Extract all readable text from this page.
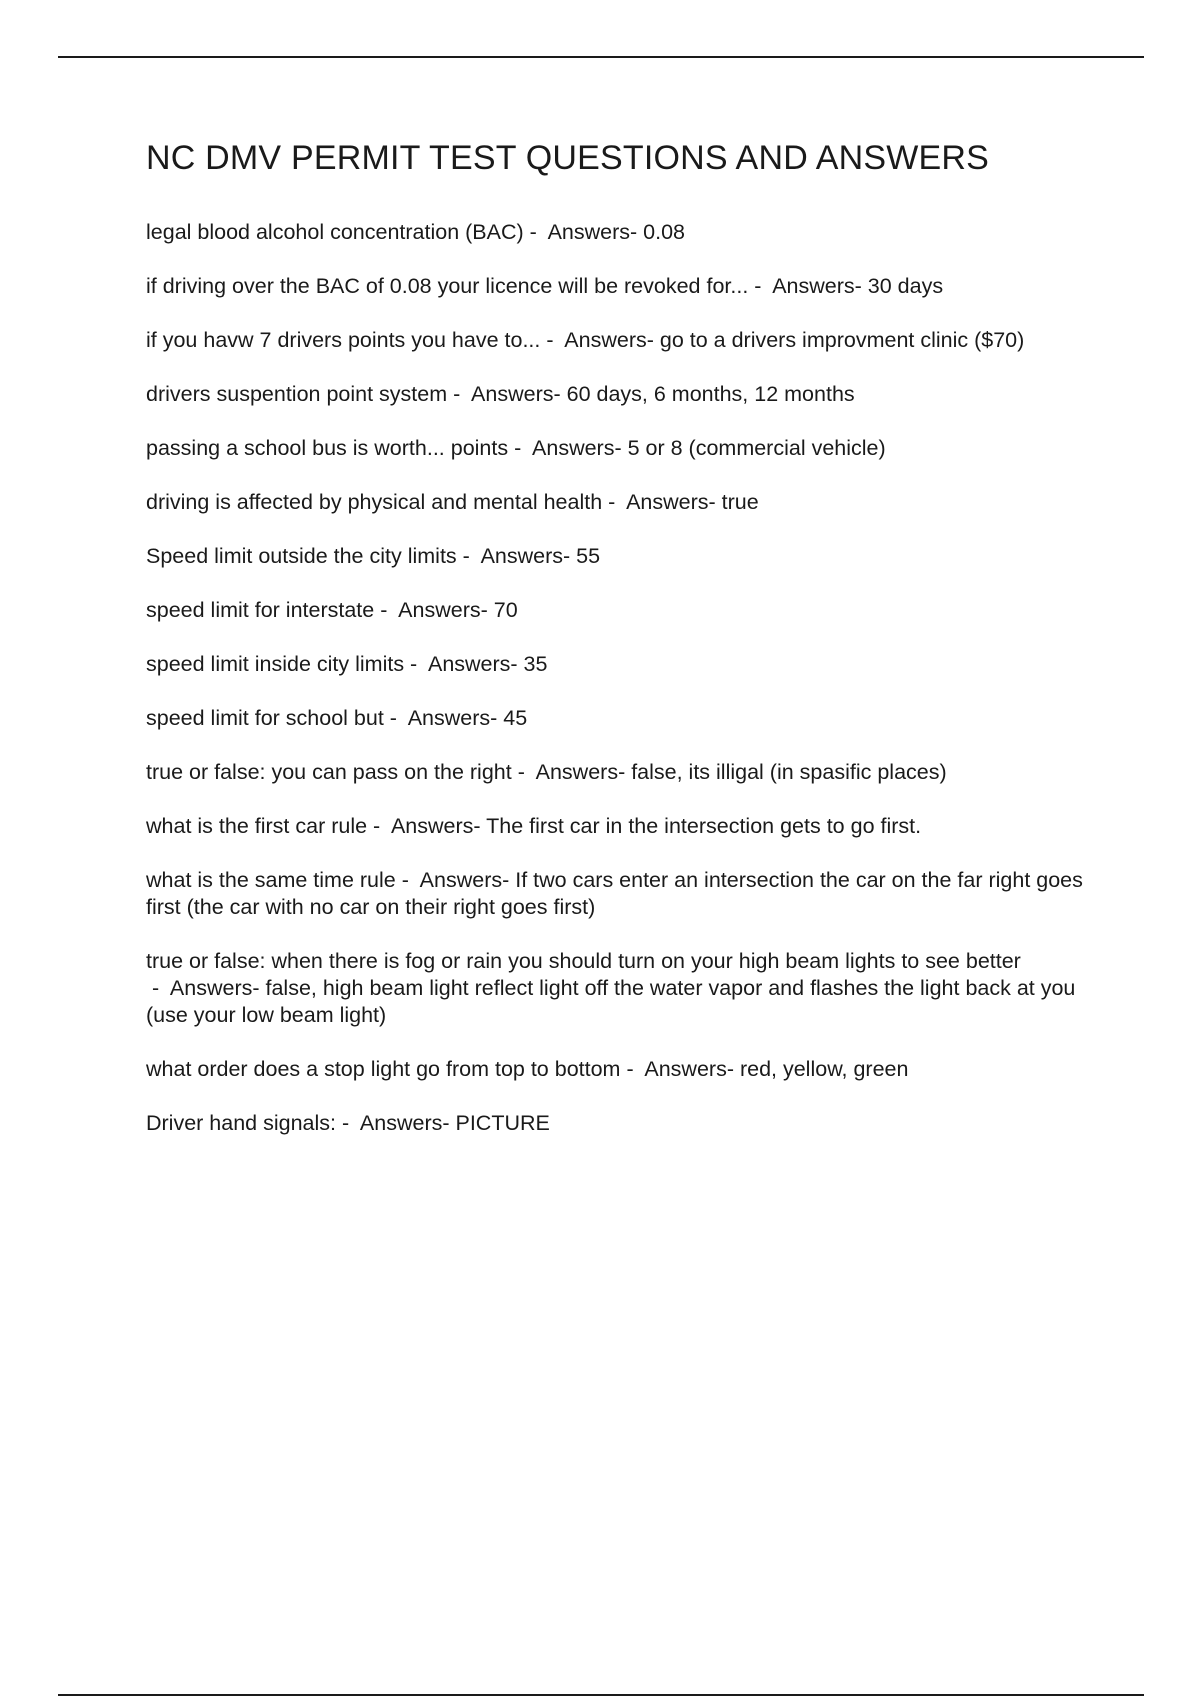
NC DMV PERMIT TEST QUESTIONS AND ANSWERS

legal blood alcohol concentration (BAC) -  Answers- 0.08

if driving over the BAC of 0.08 your licence will be revoked for... -  Answers- 30 days

if you havw 7 drivers points you have to... -  Answers- go to a drivers improvment clinic ($70)

drivers suspention point system -  Answers- 60 days, 6 months, 12 months

passing a school bus is worth... points -  Answers- 5 or 8 (commercial vehicle)

driving is affected by physical and mental health -  Answers- true

Speed limit outside the city limits -  Answers- 55

speed limit for interstate -  Answers- 70

speed limit inside city limits -  Answers- 35

speed limit for school but -  Answers- 45

true or false: you can pass on the right -  Answers- false, its illigal (in spasific places)

what is the first car rule -  Answers- The first car in the intersection gets to go first.

what is the same time rule -  Answers- If two cars enter an intersection the car on the far right goes first (the car with no car on their right goes first)

true or false: when there is fog or rain you should turn on your high beam lights to see better -  Answers- false, high beam light reflect light off the water vapor and flashes the light back at you (use your low beam light)

what order does a stop light go from top to bottom -  Answers- red, yellow, green

Driver hand signals: -  Answers- PICTURE
